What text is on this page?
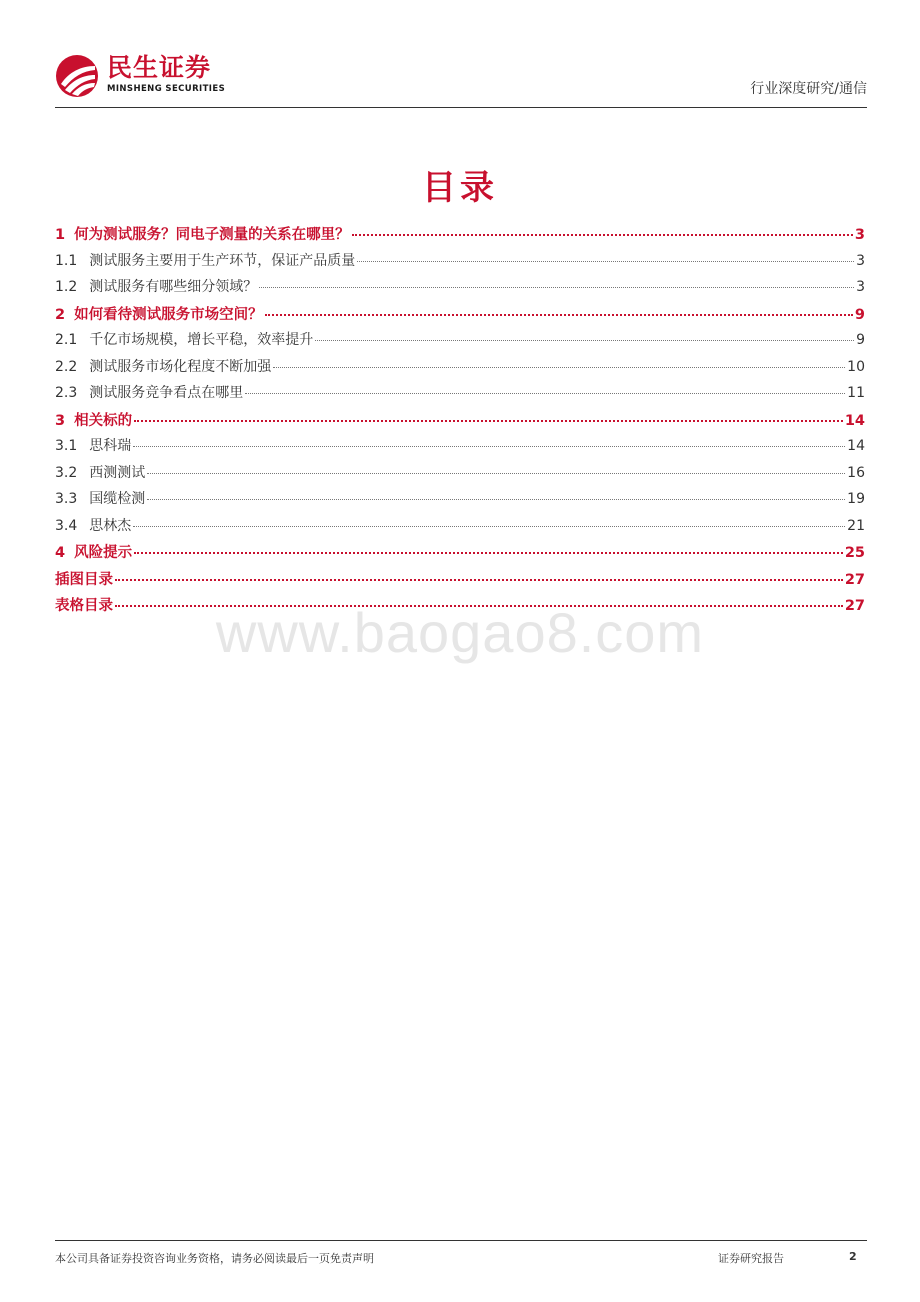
民生证券
MINSHENG SECURITIES	行业深度研究/通信
目录
1 何为测试服务？同电子测量的关系在哪里？	3
1.1 测试服务主要用于生产环节，保证产品质量	3
1.2 测试服务有哪些细分领域？	3
2 如何看待测试服务市场空间？	9
2.1 千亿市场规模，增长平稳，效率提升	9
2.2 测试服务市场化程度不断加强	10
2.3 测试服务竞争看点在哪里	11
3 相关标的	14
3.1 思科瑞	14
3.2 西测测试	16
3.3 国缆检测	19
3.4 思林杰	21
4 风险提示	25
插图目录	27
表格目录	27
www.baogao8.com
本公司具备证券投资咨询业务资格，请务必阅读最后一页免责声明	证券研究报告	2
